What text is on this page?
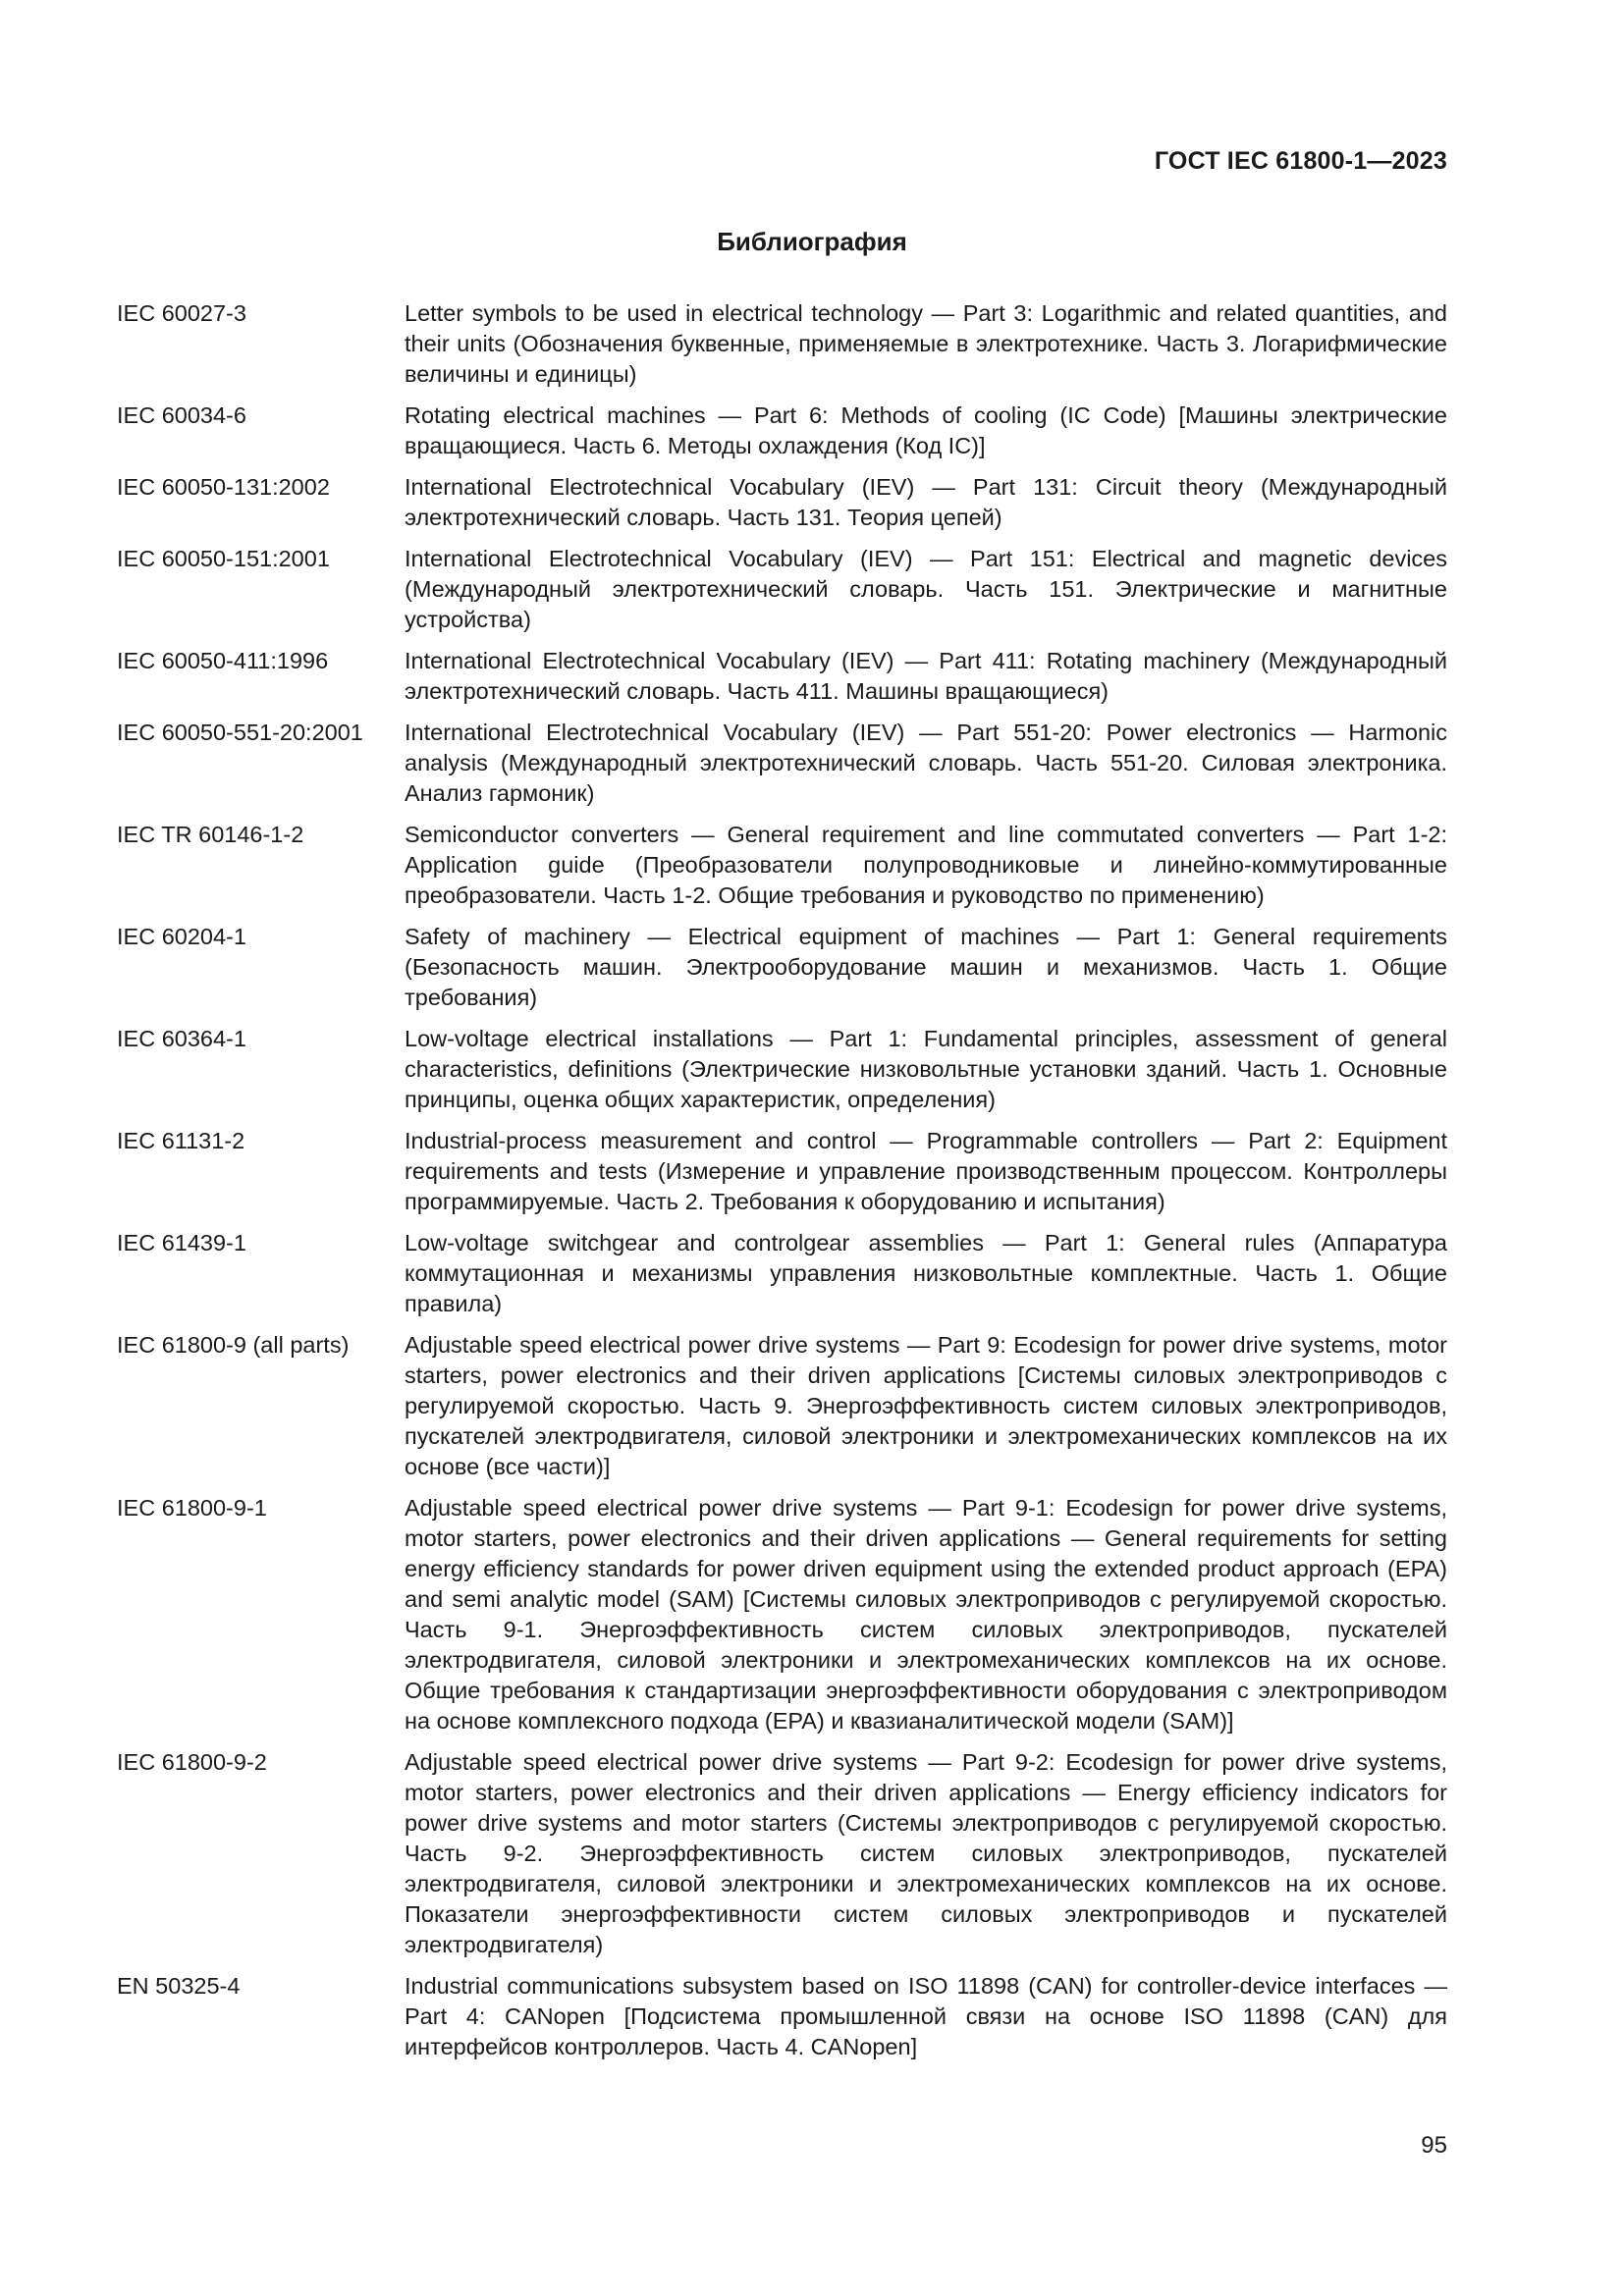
ГОСТ IEC 61800-1—2023
Библиография
IEC 60027-3	Letter symbols to be used in electrical technology — Part 3: Logarithmic and related quantities, and their units (Обозначения буквенные, применяемые в электротехнике. Часть 3. Логарифмические величины и единицы)
IEC 60034-6	Rotating electrical machines — Part 6: Methods of cooling (IC Code) [Машины электрические вращающиеся. Часть 6. Методы охлаждения (Код IC)]
IEC 60050-131:2002	International Electrotechnical Vocabulary (IEV) — Part 131: Circuit theory (Международный электротехнический словарь. Часть 131. Теория цепей)
IEC 60050-151:2001	International Electrotechnical Vocabulary (IEV) — Part 151: Electrical and magnetic devices (Международный электротехнический словарь. Часть 151. Электрические и магнитные устройства)
IEC 60050-411:1996	International Electrotechnical Vocabulary (IEV) — Part 411: Rotating machinery (Международный электротехнический словарь. Часть 411. Машины вращающиеся)
IEC 60050-551-20:2001	International Electrotechnical Vocabulary (IEV) — Part 551-20: Power electronics — Harmonic analysis (Международный электротехнический словарь. Часть 551-20. Силовая электроника. Анализ гармоник)
IEC TR 60146-1-2	Semiconductor converters — General requirement and line commutated converters — Part 1-2: Application guide (Преобразователи полупроводниковые и линейно-коммутированные преобразователи. Часть 1-2. Общие требования и руководство по применению)
IEC 60204-1	Safety of machinery — Electrical equipment of machines — Part 1: General requirements (Безопасность машин. Электрооборудование машин и механизмов. Часть 1. Общие требования)
IEC 60364-1	Low-voltage electrical installations — Part 1: Fundamental principles, assessment of general characteristics, definitions (Электрические низковольтные установки зданий. Часть 1. Основные принципы, оценка общих характеристик, определения)
IEC 61131-2	Industrial-process measurement and control — Programmable controllers — Part 2: Equipment requirements and tests (Измерение и управление производственным процессом. Контроллеры программируемые. Часть 2. Требования к оборудованию и испытания)
IEC 61439-1	Low-voltage switchgear and controlgear assemblies — Part 1: General rules (Аппаратура коммутационная и механизмы управления низковольтные комплектные. Часть 1. Общие правила)
IEC 61800-9 (all parts)	Adjustable speed electrical power drive systems — Part 9: Ecodesign for power drive systems, motor starters, power electronics and their driven applications [Системы силовых электроприводов с регулируемой скоростью. Часть 9. Энергоэффективность систем силовых электроприводов, пускателей электродвигателя, силовой электроники и электромеханических комплексов на их основе (все части)]
IEC 61800-9-1	Adjustable speed electrical power drive systems — Part 9-1: Ecodesign for power drive systems, motor starters, power electronics and their driven applications — General requirements for setting energy efficiency standards for power driven equipment using the extended product approach (EPA) and semi analytic model (SAM) [Системы силовых электроприводов с регулируемой скоростью. Часть 9-1. Энергоэффективность систем силовых электроприводов, пускателей электродвигателя, силовой электроники и электромеханических комплексов на их основе. Общие требования к стандартизации энергоэффективности оборудования с электроприводом на основе комплексного подхода (EPA) и квазианалитической модели (SAM)]
IEC 61800-9-2	Adjustable speed electrical power drive systems — Part 9-2: Ecodesign for power drive systems, motor starters, power electronics and their driven applications — Energy efficiency indicators for power drive systems and motor starters (Системы электроприводов с регулируемой скоростью. Часть 9-2. Энергоэффективность систем силовых электроприводов, пускателей электродвигателя, силовой электроники и электромеханических комплексов на их основе. Показатели энергоэффективности систем силовых электроприводов и пускателей электродвигателя)
EN 50325-4	Industrial communications subsystem based on ISO 11898 (CAN) for controller-device interfaces — Part 4: CANopen [Подсистема промышленной связи на основе ISO 11898 (CAN) для интерфейсов контроллеров. Часть 4. CANopen]
95
